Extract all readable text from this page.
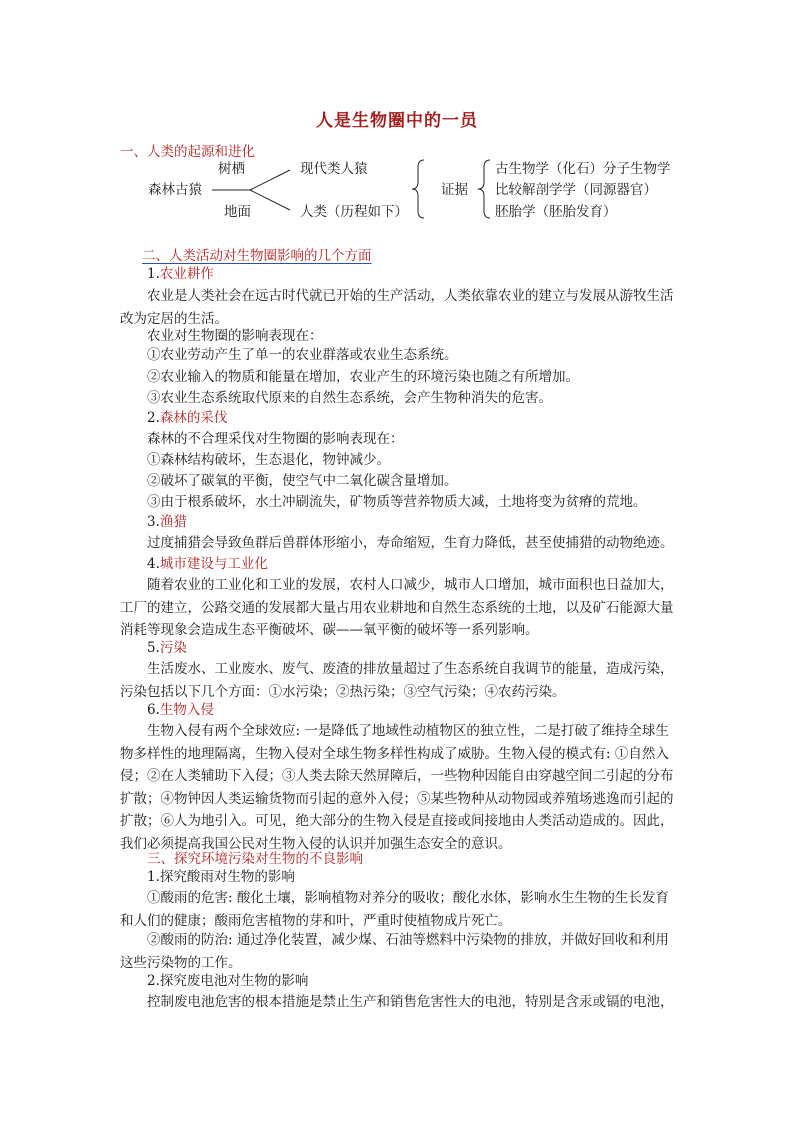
人是生物圈中的一员
一、人类的起源和进化
树栖
森林古猿
地面
现代类人猿
人类（历程如下）
证据
古生物学（化石）分子生物学
比较解剖学学（同源器官）
胚胎学（胚胎发育）
二、人类活动对生物圈影响的几个方面
1.农业耕作
农业是人类社会在远古时代就已开始的生产活动，人类依靠农业的建立与发展从游牧生活改为定居的生活。
农业对生物圈的影响表现在：
①农业劳动产生了单一的农业群落或农业生态系统。
②农业输入的物质和能量在增加，农业产生的环境污染也随之有所增加。
③农业生态系统取代原来的自然生态系统，会产生物种消失的危害。
2.森林的采伐
森林的不合理采伐对生物圈的影响表现在：
①森林结构破坏，生态退化，物钟减少。
②破坏了碳氧的平衡，使空气中二氧化碳含量增加。
③由于根系破坏，水土冲刷流失，矿物质等营养物质大减，土地将变为贫瘠的荒地。
3.渔猎
过度捕猎会导致鱼群后兽群体形缩小，寿命缩短，生育力降低，甚至使捕猎的动物绝迹。
4.城市建设与工业化
随着农业的工业化和工业的发展，农村人口减少，城市人口增加，城市面积也日益加大，工厂的建立，公路交通的发展都大量占用农业耕地和自然生态系统的土地，以及矿石能源大量消耗等现象会造成生态平衡破坏、碳——氧平衡的破坏等一系列影响。
5.污染
生活废水、工业废水、废气、废渣的排放量超过了生态系统自我调节的能量，造成污染，污染包括以下几个方面：①水污染；②热污染；③空气污染；④农药污染。
6.生物入侵
生物入侵有两个全球效应: 一是降低了地域性动植物区的独立性，二是打破了维持全球生物多样性的地理隔离，生物入侵对全球生物多样性构成了威胁。生物入侵的模式有: ①自然入侵；②在人类辅助下入侵；③人类去除天然屏障后，一些物种因能自由穿越空间二引起的分布扩散；④物钟因人类运输货物而引起的意外入侵；⑤某些物种从动物园或养殖场逃逸而引起的扩散；⑥人为地引入。可见，绝大部分的生物入侵是直接或间接地由人类活动造成的。因此，我们必须提高我国公民对生物入侵的认识并加强生态安全的意识。
三、探究环境污染对生物的不良影响
1.探究酸雨对生物的影响
①酸雨的危害: 酸化土壤，影响植物对养分的吸收；酸化水体，影响水生生物的生长发育和人们的健康；酸雨危害植物的芽和叶，严重时使植物成片死亡。
②酸雨的防治: 通过净化装置，减少煤、石油等燃料中污染物的排放，并做好回收和利用这些污染物的工作。
2.探究废电池对生物的影响
控制废电池危害的根本措施是禁止生产和销售危害性大的电池，特别是含汞或镉的电池，
